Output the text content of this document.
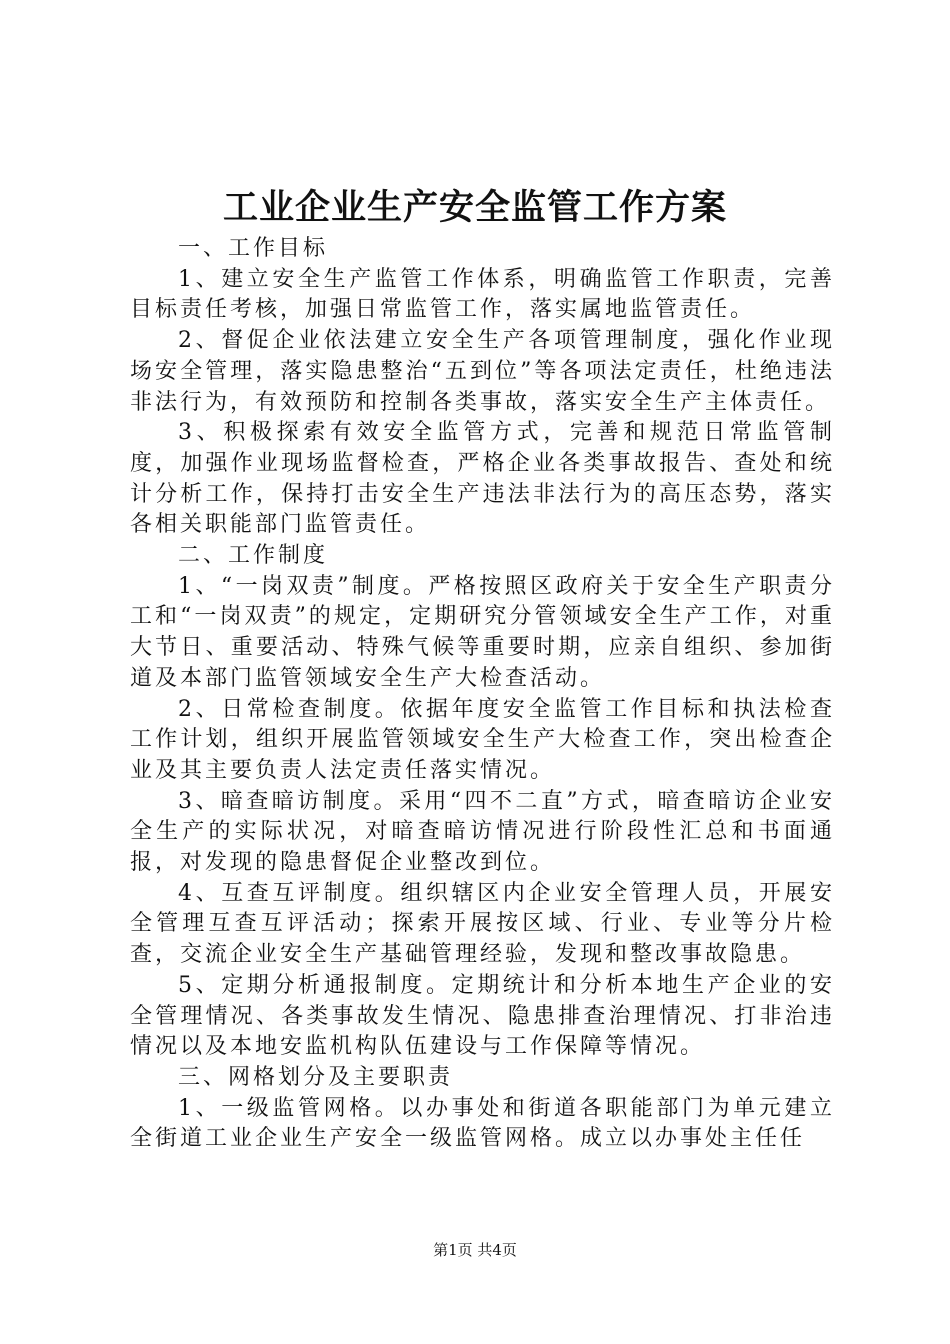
工业企业生产安全监管工作方案

一、工作目标

1、建立安全生产监管工作体系，明确监管工作职责，完善目标责任考核，加强日常监管工作，落实属地监管责任。

2、督促企业依法建立安全生产各项管理制度，强化作业现场安全管理，落实隐患整治“五到位”等各项法定责任，杜绝违法非法行为，有效预防和控制各类事故，落实安全生产主体责任。

3、积极探索有效安全监管方式，完善和规范日常监管制度，加强作业现场监督检查，严格企业各类事故报告、查处和统计分析工作，保持打击安全生产违法非法行为的高压态势，落实各相关职能部门监管责任。

二、工作制度

1、“一岗双责”制度。严格按照区政府关于安全生产职责分工和“一岗双责”的规定，定期研究分管领域安全生产工作，对重大节日、重要活动、特殊气候等重要时期，应亲自组织、参加街道及本部门监管领域安全生产大检查活动。

2、日常检查制度。依据年度安全监管工作目标和执法检查工作计划，组织开展监管领域安全生产大检查工作，突出检查企业及其主要负责人法定责任落实情况。

3、暗查暗访制度。采用“四不二直”方式，暗查暗访企业安全生产的实际状况，对暗查暗访情况进行阶段性汇总和书面通报，对发现的隐患督促企业整改到位。

4、互查互评制度。组织辖区内企业安全管理人员，开展安全管理互查互评活动；探索开展按区域、行业、专业等分片检查，交流企业安全生产基础管理经验，发现和整改事故隐患。

5、定期分析通报制度。定期统计和分析本地生产企业的安全管理情况、各类事故发生情况、隐患排查治理情况、打非治违情况以及本地安监机构队伍建设与工作保障等情况。

三、网格划分及主要职责

1、一级监管网格。以办事处和街道各职能部门为单元建立全街道工业企业生产安全一级监管网格。成立以办事处主任任

第1页 共4页
